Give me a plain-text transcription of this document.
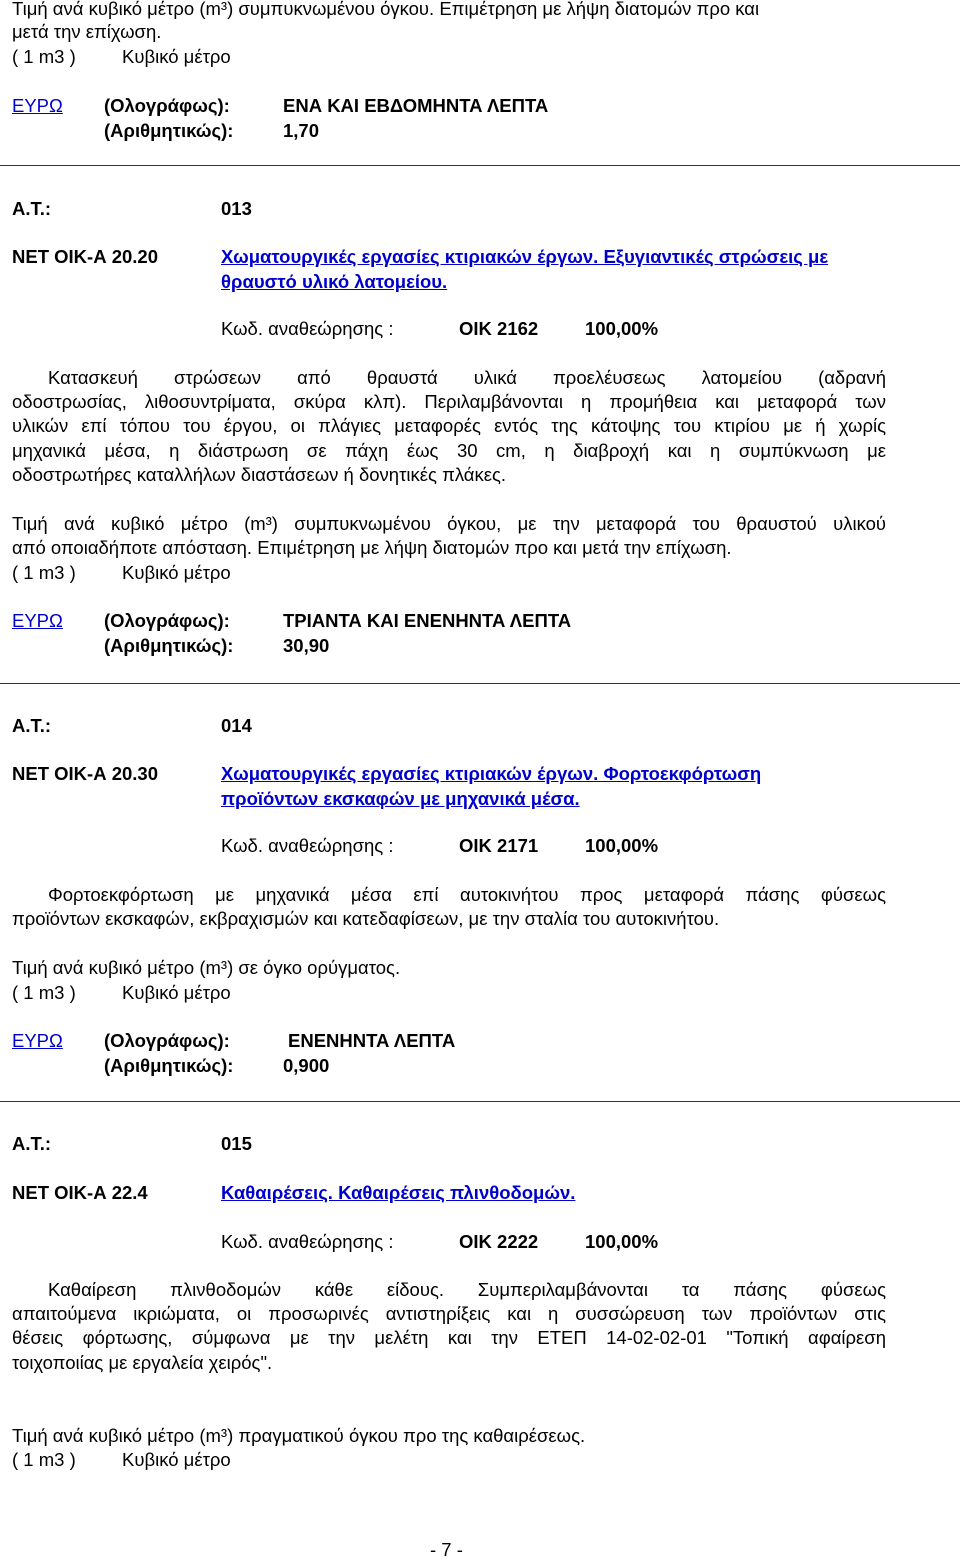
Τιμή ανά κυβικό μέτρο (m³) συμπυκνωμένου όγκου. Επιμέτρηση με λήψη διατομών προ και
μετά την επίχωση.
( 1 m3 )	Κυβικό μέτρο
ΕΥΡΩ (Ολογράφως):	ΕΝΑ ΚΑΙ ΕΒΔΟΜΗΝΤΑ ΛΕΠΤΑ
(Αριθμητικώς):	1,70
Α.Τ.:	013
ΝΕΤ ΟΙΚ-Α 20.20	Χωματουργικές εργασίες κτιριακών έργων. Εξυγιαντικές στρώσεις με
θραυστό υλικό λατομείου.
Κωδ. αναθεώρησης :	ΟΙΚ 2162	100,00%
Κατασκευή στρώσεων από θραυστά υλικά προελέυσεως λατομείου (αδρανή
οδοστρωσίας, λιθοσυντρίματα, σκύρα κλπ). Περιλαμβάνονται η προμήθεια και μεταφορά των
υλικών επί τόπου του έργου, οι πλάγιες μεταφορές εντός της κάτοψης του κτιρίου με ή χωρίς
μηχανικά μέσα, η διάστρωση σε πάχη έως 30 cm, η διαβροχή και η συμπύκνωση με
οδοστρωτήρες καταλλήλων διαστάσεων ή δονητικές πλάκες.
Τιμή ανά κυβικό μέτρο (m³) συμπυκνωμένου όγκου, με την μεταφορά του θραυστού υλικού
από οποιαδήποτε απόσταση. Επιμέτρηση με λήψη διατομών προ και μετά την επίχωση.
( 1 m3 )	Κυβικό μέτρο
ΕΥΡΩ (Ολογράφως):	ΤΡΙΑΝΤΑ ΚΑΙ ΕΝΕΝΗΝΤΑ ΛΕΠΤΑ
(Αριθμητικώς):	30,90
Α.Τ.:	014
ΝΕΤ ΟΙΚ-Α 20.30	Χωματουργικές εργασίες κτιριακών έργων. Φορτοεκφόρτωση
προϊόντων εκσκαφών με μηχανικά μέσα.
Κωδ. αναθεώρησης :	ΟΙΚ 2171	100,00%
Φορτοεκφόρτωση με μηχανικά μέσα επί αυτοκινήτου προς μεταφορά πάσης φύσεως
προϊόντων εκσκαφών, εκβραχισμών και κατεδαφίσεων, με την σταλία του αυτοκινήτου.
Τιμή ανά κυβικό μέτρο (m³) σε όγκο ορύγματος.
( 1 m3 )	Κυβικό μέτρο
ΕΥΡΩ (Ολογράφως):	ΕΝΕΝΗΝΤΑ ΛΕΠΤΑ
(Αριθμητικώς):	0,900
Α.Τ.:	015
ΝΕΤ ΟΙΚ-Α 22.4	Καθαιρέσεις. Καθαιρέσεις πλινθοδομών.
Κωδ. αναθεώρησης :	ΟΙΚ 2222	100,00%
Καθαίρεση πλινθοδομών κάθε είδους. Συμπεριλαμβάνονται τα πάσης φύσεως
απαιτούμενα ικριώματα, οι προσωρινές αντιστηρίξεις και η συσσώρευση των προϊόντων στις
θέσεις φόρτωσης, σύμφωνα με την μελέτη και την ΕΤΕΠ 14-02-02-01 "Τοπική αφαίρεση
τοιχοποιίας με εργαλεία χειρός".
Τιμή ανά κυβικό μέτρο (m³) πραγματικού όγκου προ της καθαιρέσεως.
( 1 m3 )	Κυβικό μέτρο
- 7 -
